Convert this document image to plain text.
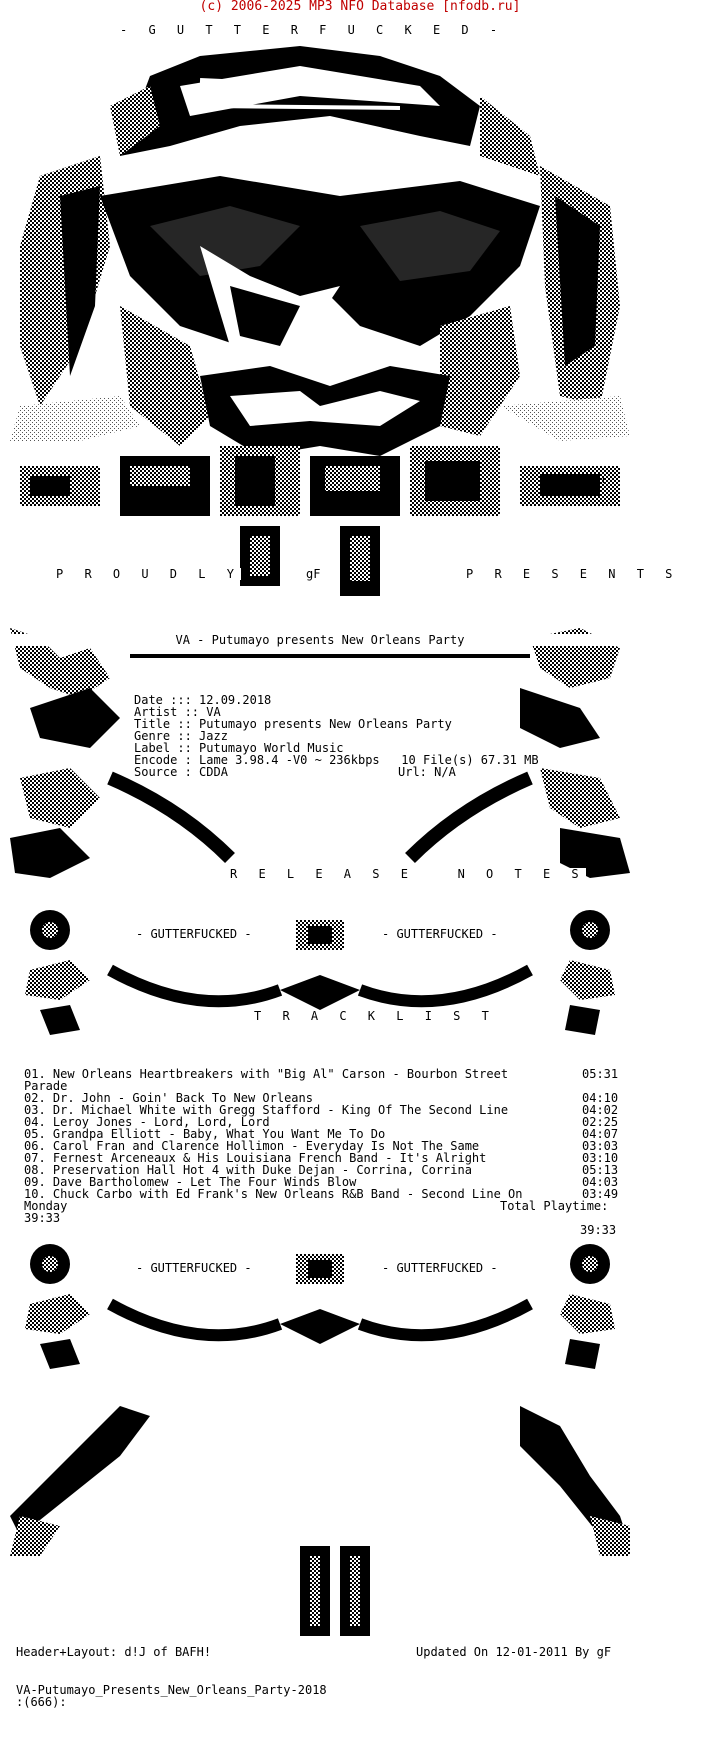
(c) 2006-2025 MP3 NFO Database [nfodb.ru]
- G U T T E R F U C K E D -
d!J/BAFH!
P R O U D L Y	gF	P R E S E N T S
VA - Putumayo presents New Orleans Party
Date ::: 12.09.2018
Artist :: VA
Title :: Putumayo presents New Orleans Party
Genre :: Jazz
Label :: Putumayo World Music
Encode : Lame 3.98.4 -V0 ~ 236kbps   10 File(s) 67.31 MB
Source : CDDA	Url: N/A
R E L E A S E   N O T E S
- GUTTERFUCKED -	- GUTTERFUCKED -
T R A C K L I S T
01. New Orleans Heartbreakers with "Big Al" Carson - Bourbon Street	05:31
Parade
02. Dr. John - Goin' Back To New Orleans	04:10
03. Dr. Michael White with Gregg Stafford - King Of The Second Line	04:02
04. Leroy Jones - Lord, Lord, Lord	02:25
05. Grandpa Elliott - Baby, What You Want Me To Do	04:07
06. Carol Fran and Clarence Hollimon - Everyday Is Not The Same	03:03
07. Fernest Arceneaux & His Louisiana French Band - It's Alright	03:10
08. Preservation Hall Hot 4 with Duke Dejan - Corrina, Corrina	05:13
09. Dave Bartholomew - Let The Four Winds Blow	04:03
10. Chuck Carbo with Ed Frank's New Orleans R&B Band - Second Line On	03:49
Monday	Total Playtime:
39:33
39:33
- GUTTERFUCKED -	- GUTTERFUCKED -
Header+Layout: d!J of BAFH!	Updated On 12-01-2011 By gF
VA-Putumayo_Presents_New_Orleans_Party-2018
:(666):
